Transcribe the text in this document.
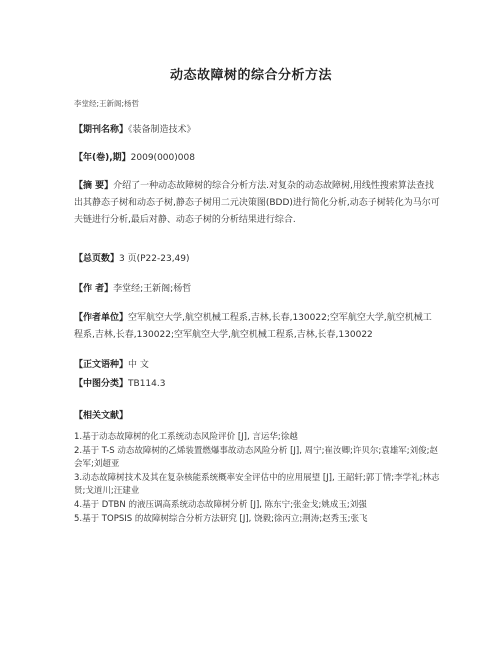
动态故障树的综合分析方法
李堂经;王新阁;杨哲
【期刊名称】《装备制造技术》
【年(卷),期】2009(000)008
【摘 要】介绍了一种动态故障树的综合分析方法.对复杂的动态故障树,用线性搜索算法查找出其静态子树和动态子树,静态子树用二元决策图(BDD)进行简化分析,动态子树转化为马尔可夫链进行分析,最后对静、动态子树的分析结果进行综合.
【总页数】3 页(P22-23,49)
【作 者】李堂经;王新阁;杨哲
【作者单位】空军航空大学,航空机械工程系,吉林,长春,130022;空军航空大学,航空机械工程系,吉林,长春,130022;空军航空大学,航空机械工程系,吉林,长春,130022
【正文语种】中 文
【中图分类】TB114.3
【相关文献】
1.基于动态故障树的化工系统动态风险评价 [J], 言运华;徐越
2.基于 T-S 动态故障树的乙烯装置燃爆事故动态风险分析 [J], 周宁;崔汝卿;许贝尔;袁雄军;刘俊;赵会军;刘超亚
3.动态故障树技术及其在复杂核能系统概率安全评估中的应用展望 [J], 王韶轩;郭丁情;李学礼;林志贤;戈道川;汪建业
4.基于 DTBN 的液压调高系统动态故障树分析 [J], 陈东宁;张金戈;姚成玉;刘强
5.基于 TOPSIS 的故障树综合分析方法研究 [J], 饶毅;徐丙立;荆涛;赵秀玉;张飞
